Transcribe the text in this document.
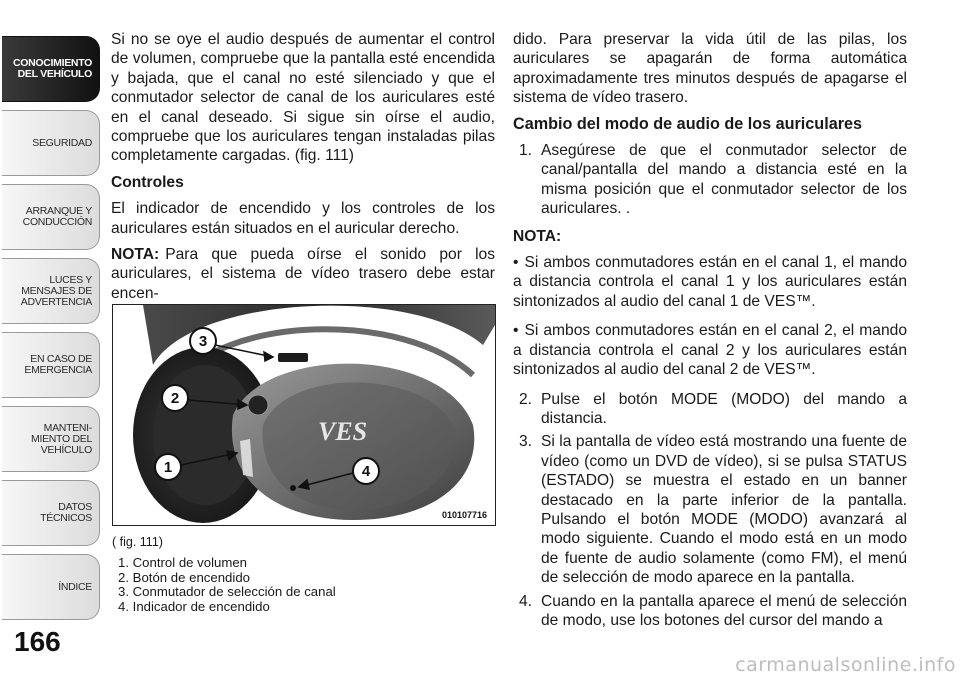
CONOCIMIENTO
DEL VEHÍCULO
SEGURIDAD
ARRANQUE Y
CONDUCCIÓN
LUCES Y
MENSAJES DE
ADVERTENCIA
EN CASO DE
EMERGENCIA
MANTENI-
MIENTO DEL
VEHÍCULO
DATOS
TÉCNICOS
ÍNDICE

166

Si no se oye el audio después de aumentar el control de volumen, compruebe que la pantalla esté encendida y bajada, que el canal no esté silenciado y que el conmutador selector de canal de los auriculares esté en el canal deseado. Si sigue sin oírse el audio, compruebe que los auriculares tengan instaladas pilas completamente cargadas. (fig. 111)

Controles

El indicador de encendido y los controles de los auriculares están situados en el auricular derecho.

NOTA: Para que pueda oírse el sonido por los auriculares, el sistema de vídeo trasero debe estar encen-

VES
3
2
1	4
010107716

( fig. 111)

1. Control de volumen
2. Botón de encendido
3. Conmutador de selección de canal
4. Indicador de encendido

dido. Para preservar la vida útil de las pilas, los auriculares se apagarán de forma automática aproximadamente tres minutos después de apagarse el sistema de vídeo trasero.

Cambio del modo de audio de los auriculares

1. Asegúrese de que el conmutador selector de canal/pantalla del mando a distancia esté en la misma posición que el conmutador selector de los auriculares. .

NOTA:

• Si ambos conmutadores están en el canal 1, el mando a distancia controla el canal 1 y los auriculares están sintonizados al audio del canal 1 de VES™.
• Si ambos conmutadores están en el canal 2, el mando a distancia controla el canal 2 y los auriculares están sintonizados al audio del canal 2 de VES™.
2. Pulse el botón MODE (MODO) del mando a distancia.
3. Si la pantalla de vídeo está mostrando una fuente de vídeo (como un DVD de vídeo), si se pulsa STATUS (ESTADO) se muestra el estado en un banner destacado en la parte inferior de la pantalla. Pulsando el botón MODE (MODO) avanzará al modo siguiente. Cuando el modo está en un modo de fuente de audio solamente (como FM), el menú de selección de modo aparece en la pantalla.
4. Cuando en la pantalla aparece el menú de selección de modo, use los botones del cursor del mando a
carmanualsonline.info
